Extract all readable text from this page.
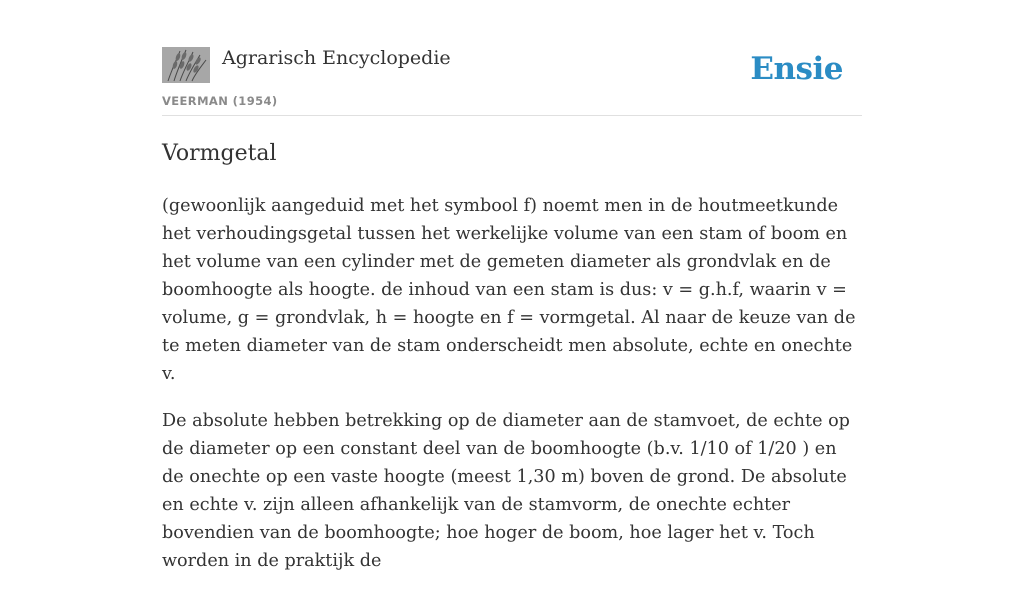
Agrarisch Encyclopedie
VEERMAN (1954)
Ensie
Vormgetal

(gewoonlijk aangeduid met het symbool f) noemt men in de houtmeetkunde het verhoudingsgetal tussen het werkelijke volume van een stam of boom en het volume van een cylinder met de gemeten diameter als grondvlak en de boomhoogte als hoogte. de inhoud van een stam is dus: v = g.h.f, waarin v = volume, g = grondvlak, h = hoogte en f = vormgetal. Al naar de keuze van de te meten diameter van de stam onderscheidt men absolute, echte en onechte v.

De absolute hebben betrekking op de diameter aan de stamvoet, de echte op de diameter op een constant deel van de boomhoogte (b.v. 1/10 of 1/20 ) en de onechte op een vaste hoogte (meest 1,30 m) boven de grond. De absolute en echte v. zijn alleen afhankelijk van de stamvorm, de onechte echter bovendien van de boomhoogte; hoe hoger de boom, hoe lager het v. Toch worden in de praktijk de
